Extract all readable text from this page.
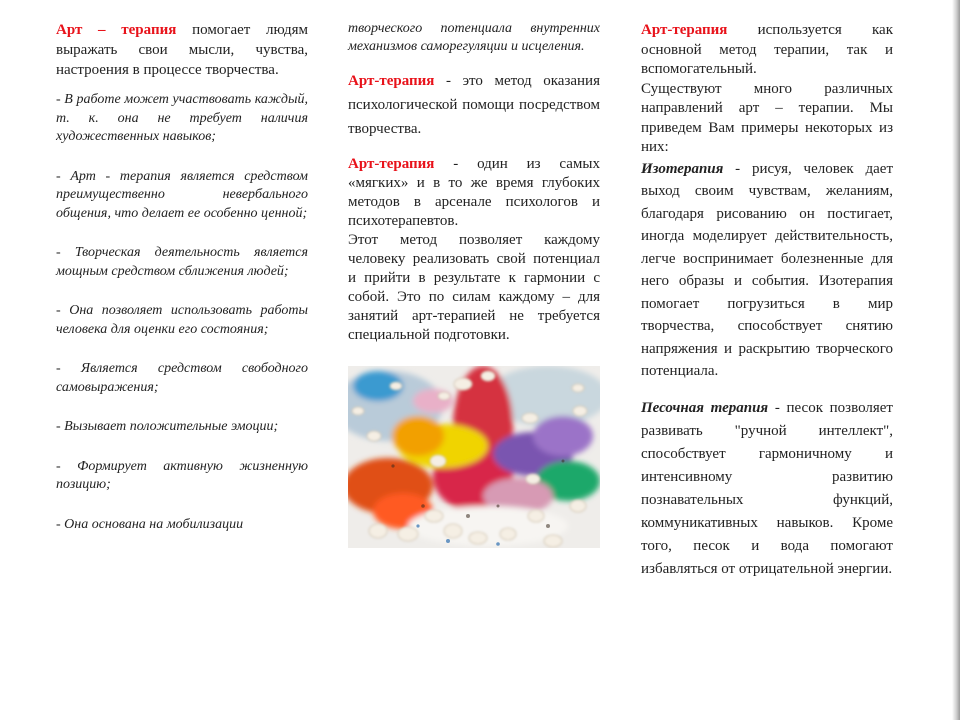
Арт – терапия помогает людям выражать свои мысли, чувства, настроения в процессе творчества.

- В работе может участвовать каждый, т. к. она не требует наличия художественных навыков;

- Арт - терапия является средством преимущественно невербального общения, что делает ее особенно ценной;

- Творческая деятельность является мощным средством сближения людей;

- Она позволяет использовать работы человека для оценки его состояния;

- Является средством свободного самовыражения;

- Вызывает положительные эмоции;

- Формирует активную жизненную позицию;

- Она основана на мобилизации

творческого потенциала внутренних механизмов саморегуляции и исцеления.

Арт-терапия - это метод оказания психологической помощи посредством творчества.

Арт-терапия - один из самых «мягких» и в то же время глубоких методов в арсенале психологов и психотерапевтов.

Этот метод позволяет каждому человеку реализовать свой потенциал и прийти в результате к гармонии с собой. Это по силам каждому – для занятий арт-терапией не требуется специальной подготовки.

Арт-терапия используется как основной метод терапии, так и вспомогательный.

Существуют много различных направлений арт – терапии. Мы приведем Вам примеры некоторых из них:

Изотерапия - рисуя, человек дает выход своим чувствам, желаниям, благодаря рисованию он постигает, иногда моделирует действительность, легче воспринимает болезненные для него образы и события. Изотерапия помогает погрузиться в мир творчества, способствует снятию напряжения и раскрытию творческого потенциала.

Песочная терапия - песок позволяет развивать "ручной интеллект", способствует гармоничному и интенсивному развитию познавательных функций, коммуникативных навыков. Кроме того, песок и вода помогают избавляться от отрицательной энергии.
